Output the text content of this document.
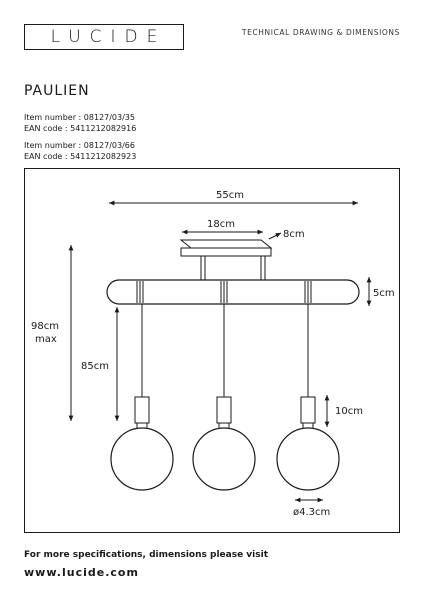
LUCIDE	TECHNICAL DRAWING & DIMENSIONS
PAULIEN
Item number : 08127/03/35
EAN code : 5411212082916
Item number : 08127/03/66
EAN code : 5411212082923
55cm
18cm
8cm
5cm
98cm
max
85cm
10cm
ø4.3cm
For more specifications, dimensions please visit
www.lucide.com
